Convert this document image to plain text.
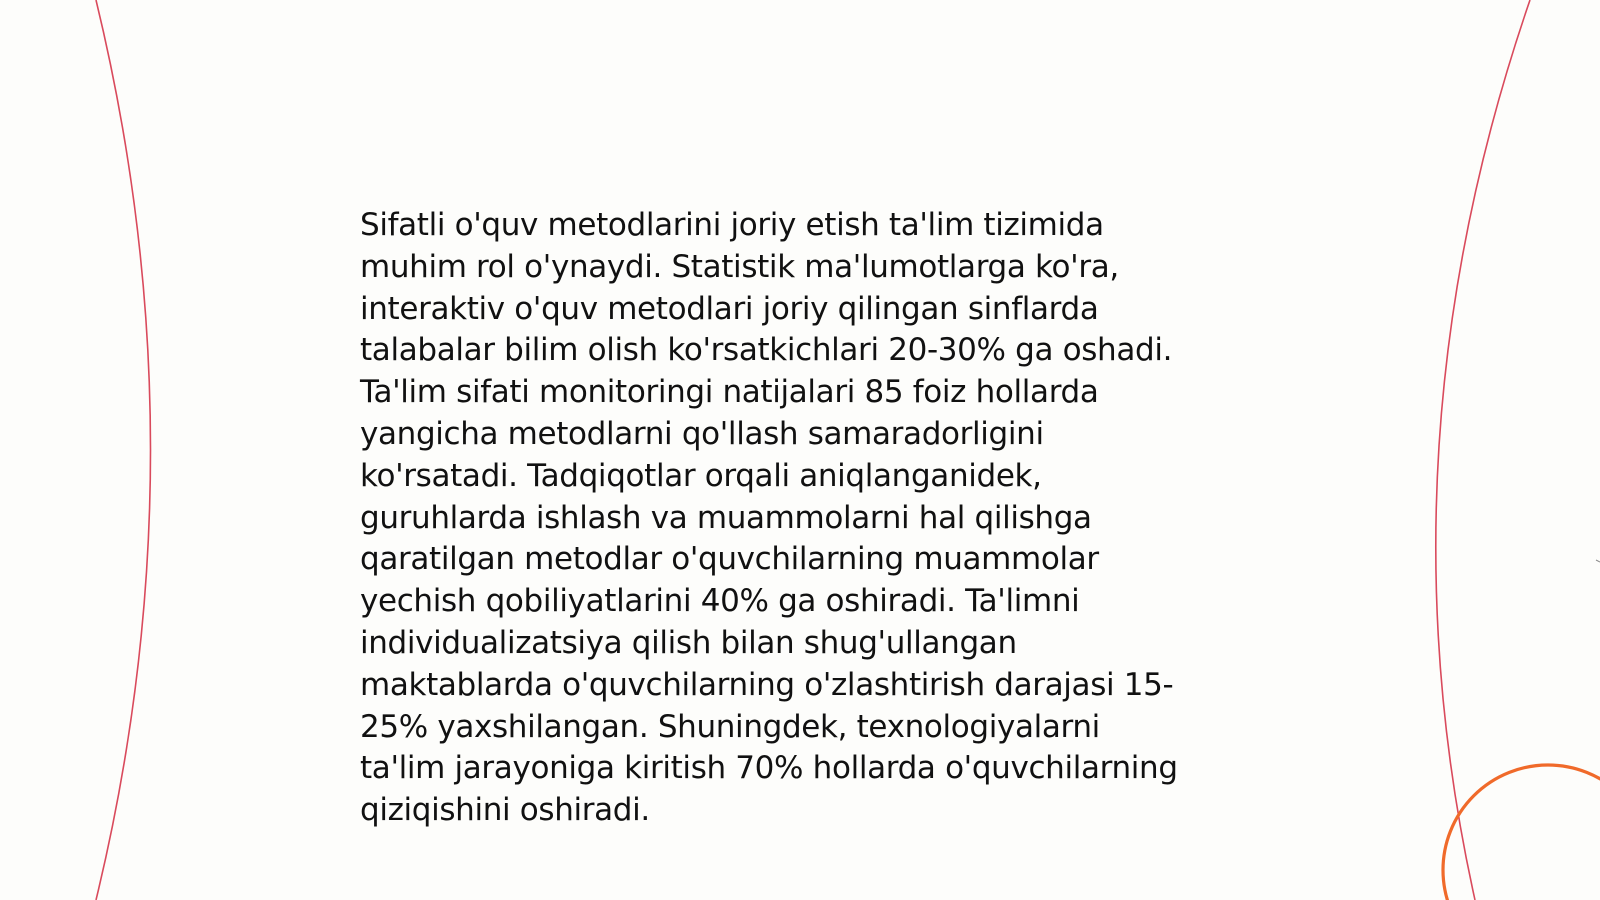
Sifatli o'quv metodlarini joriy etish ta'lim tizimida
muhim rol o'ynaydi. Statistik ma'lumotlarga ko'ra,
interaktiv o'quv metodlari joriy qilingan sinflarda
talabalar bilim olish ko'rsatkichlari 20-30% ga oshadi.
Ta'lim sifati monitoringi natijalari 85 foiz hollarda
yangicha metodlarni qo'llash samaradorligini
ko'rsatadi. Tadqiqotlar orqali aniqlanganidek,
guruhlarda ishlash va muammolarni hal qilishga
qaratilgan metodlar o'quvchilarning muammolar
yechish qobiliyatlarini 40% ga oshiradi. Ta'limni
individualizatsiya qilish bilan shug'ullangan
maktablarda o'quvchilarning o'zlashtirish darajasi 15-
25% yaxshilangan. Shuningdek, texnologiyalarni
ta'lim jarayoniga kiritish 70% hollarda o'quvchilarning
qiziqishini oshiradi.
